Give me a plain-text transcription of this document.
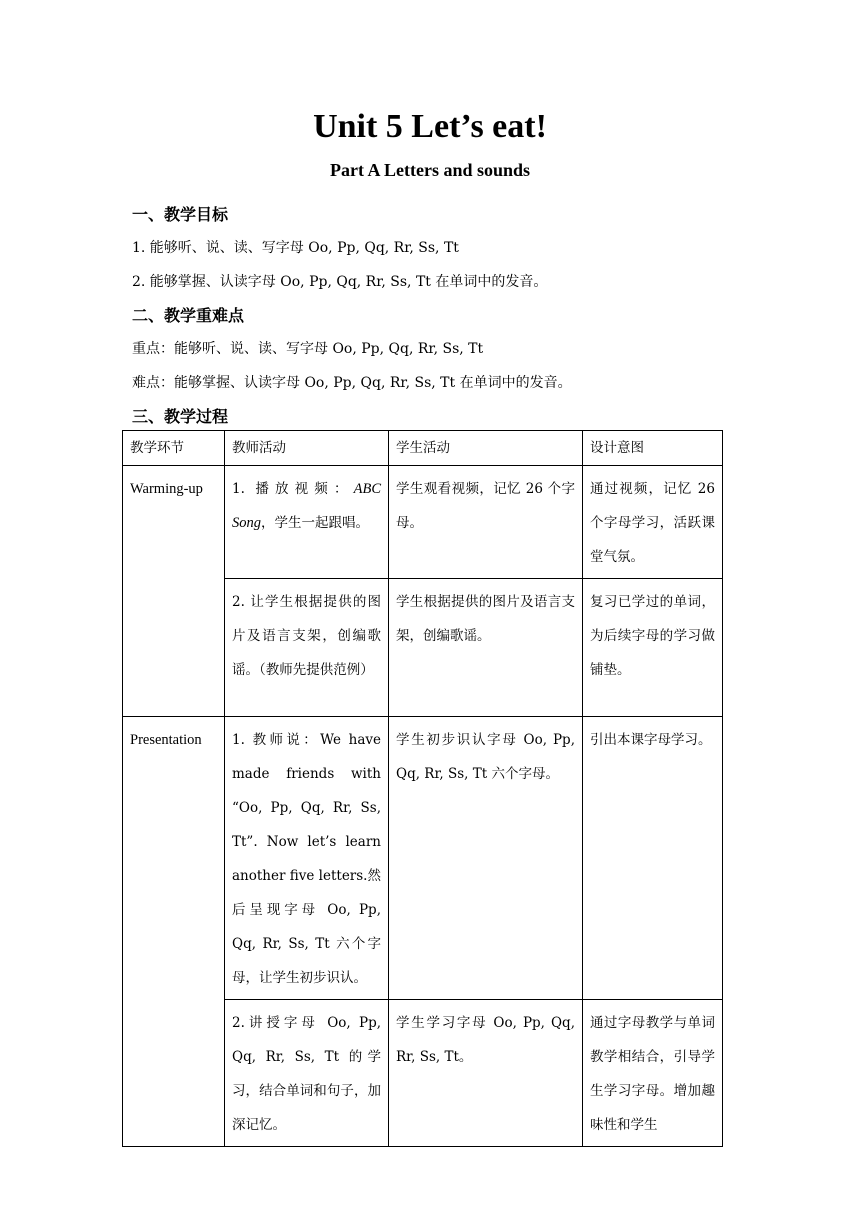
Unit 5 Let’s eat!
Part A Letters and sounds
一、教学目标
1. 能够听、说、读、写字母 Oo, Pp, Qq, Rr, Ss, Tt
2. 能够掌握、认读字母 Oo, Pp, Qq, Rr, Ss, Tt 在单词中的发音。
二、教学重难点
重点：能够听、说、读、写字母 Oo, Pp, Qq, Rr, Ss, Tt
难点：能够掌握、认读字母 Oo, Pp, Qq, Rr, Ss, Tt 在单词中的发音。
三、教学过程
教学环节	教师活动	学生活动	设计意图
Warming-up	1. 播放视频：ABC Song，学生一起跟唱。	学生观看视频，记忆 26 个字母。	通过视频，记忆 26 个字母学习，活跃课堂气氛。
	2. 让学生根据提供的图片及语言支架，创编歌谣。（教师先提供范例）	学生根据提供的图片及语言支架，创编歌谣。	复习已学过的单词，为后续字母的学习做铺垫。
Presentation	1. 教师说：We have made friends with “Oo, Pp, Qq, Rr, Ss, Tt”. Now let’s learn another five letters.然后呈现字母 Oo, Pp, Qq, Rr, Ss, Tt 六个字母，让学生初步识认。	学生初步识认字母 Oo, Pp, Qq, Rr, Ss, Tt 六个字母。	引出本课字母学习。
	2.讲授字母 Oo, Pp, Qq, Rr, Ss, Tt 的学习，结合单词和句子，加深记忆。	学生学习字母 Oo, Pp, Qq, Rr, Ss, Tt。	通过字母教学与单词教学相结合，引导学生学习字母。增加趣味性和学生
